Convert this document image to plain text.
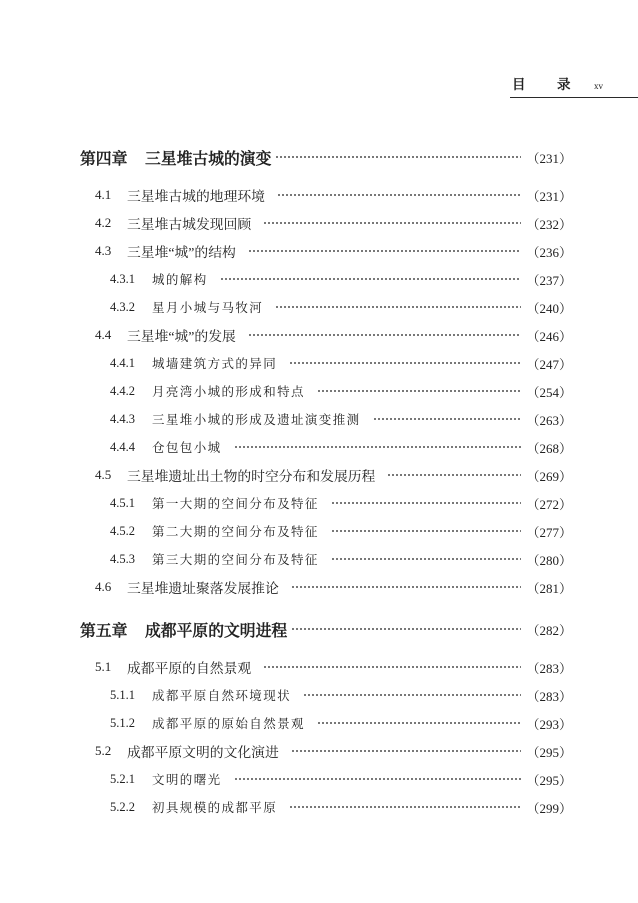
目　　录 xv
第四章	三星堆古城的演变	（231）
4.1	三星堆古城的地理环境	（231）
4.2	三星堆古城发现回顾	（232）
4.3	三星堆“城”的结构	（236）
4.3.1	城的解构	（237）
4.3.2	星月小城与马牧河	（240）
4.4	三星堆“城”的发展	（246）
4.4.1	城墙建筑方式的异同	（247）
4.4.2	月亮湾小城的形成和特点	（254）
4.4.3	三星堆小城的形成及遗址演变推测	（263）
4.4.4	仓包包小城	（268）
4.5	三星堆遗址出土物的时空分布和发展历程	（269）
4.5.1	第一大期的空间分布及特征	（272）
4.5.2	第二大期的空间分布及特征	（277）
4.5.3	第三大期的空间分布及特征	（280）
4.6	三星堆遗址聚落发展推论	（281）
第五章	成都平原的文明进程	（282）
5.1	成都平原的自然景观	（283）
5.1.1	成都平原自然环境现状	（283）
5.1.2	成都平原的原始自然景观	（293）
5.2	成都平原文明的文化演进	（295）
5.2.1	文明的曙光	（295）
5.2.2	初具规模的成都平原	（299）
